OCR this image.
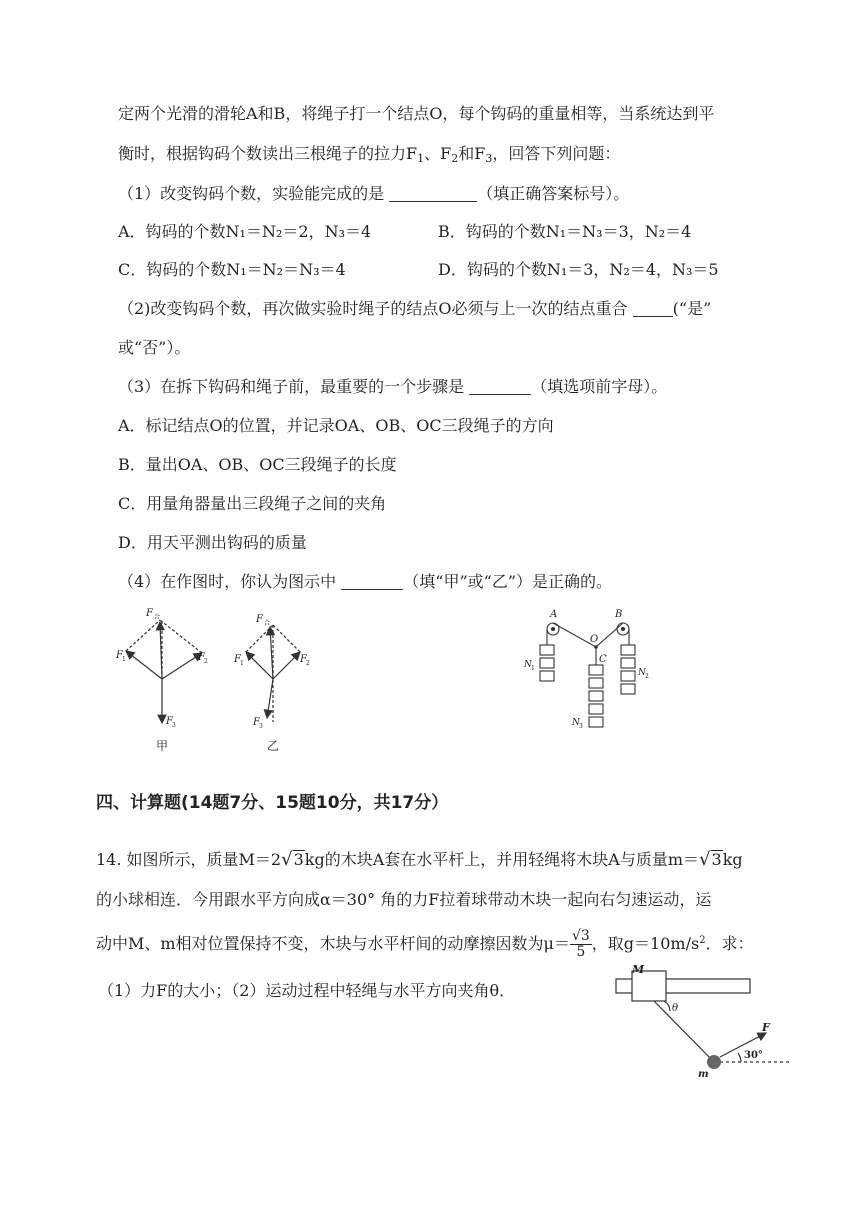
定两个光滑的滑轮A和B，将绳子打一个结点O，每个钩码的重量相等，当系统达到平
衡时，根据钩码个数读出三根绳子的拉力$F_1$、$F_2$和$F_3$，回答下列问题：
（1）改变钩码个数，实验能完成的是	（填正确答案标号）。
A．钩码的个数N₁＝N₂＝2，N₃＝4	B．钩码的个数N₁＝N₃＝3，N₂＝4
C．钩码的个数N₁＝N₂＝N₃＝4	D．钩码的个数N₁＝3，N₂＝4，N₃＝5
（2)改变钩码个数，再次做实验时绳子的结点O必须与上一次的结点重合	(“是”
或“否”）。
（3）在拆下钩码和绳子前，最重要的一个步骤是	（填选项前字母）。
A．标记结点O的位置，并记录OA、OB、OC三段绳子的方向
B．量出OA、OB、OC三段绳子的长度
C．用量角器量出三段绳子之间的夹角
D．用天平测出钩码的质量
（4）在作图时，你认为图示中	（填“甲”或“乙”）是正确的。
F 合
F 1	F 2
F 3
甲
F 合
F 1	F 2
F 3
乙
A	B
O
C
N 1	N 2
N 3
四、计算题(14题7分、15题10分，共17分）
14. 如图所示，质量M＝2√3kg的木块A套在水平杆上，并用轻绳将木块A与质量m＝√3kg
的小球相连．今用跟水平方向成α＝30° 角的力F拉着球带动木块一起向右匀速运动，运
动中M、m相对位置保持不变，木块与水平杆间的动摩擦因数为$\mu= \frac{√3}{5}$ ，取$g=10m/s^2$．求：
（1）力F的大小；（2）运动过程中轻绳与水平方向夹角θ．
M
θ
F
30°
m
